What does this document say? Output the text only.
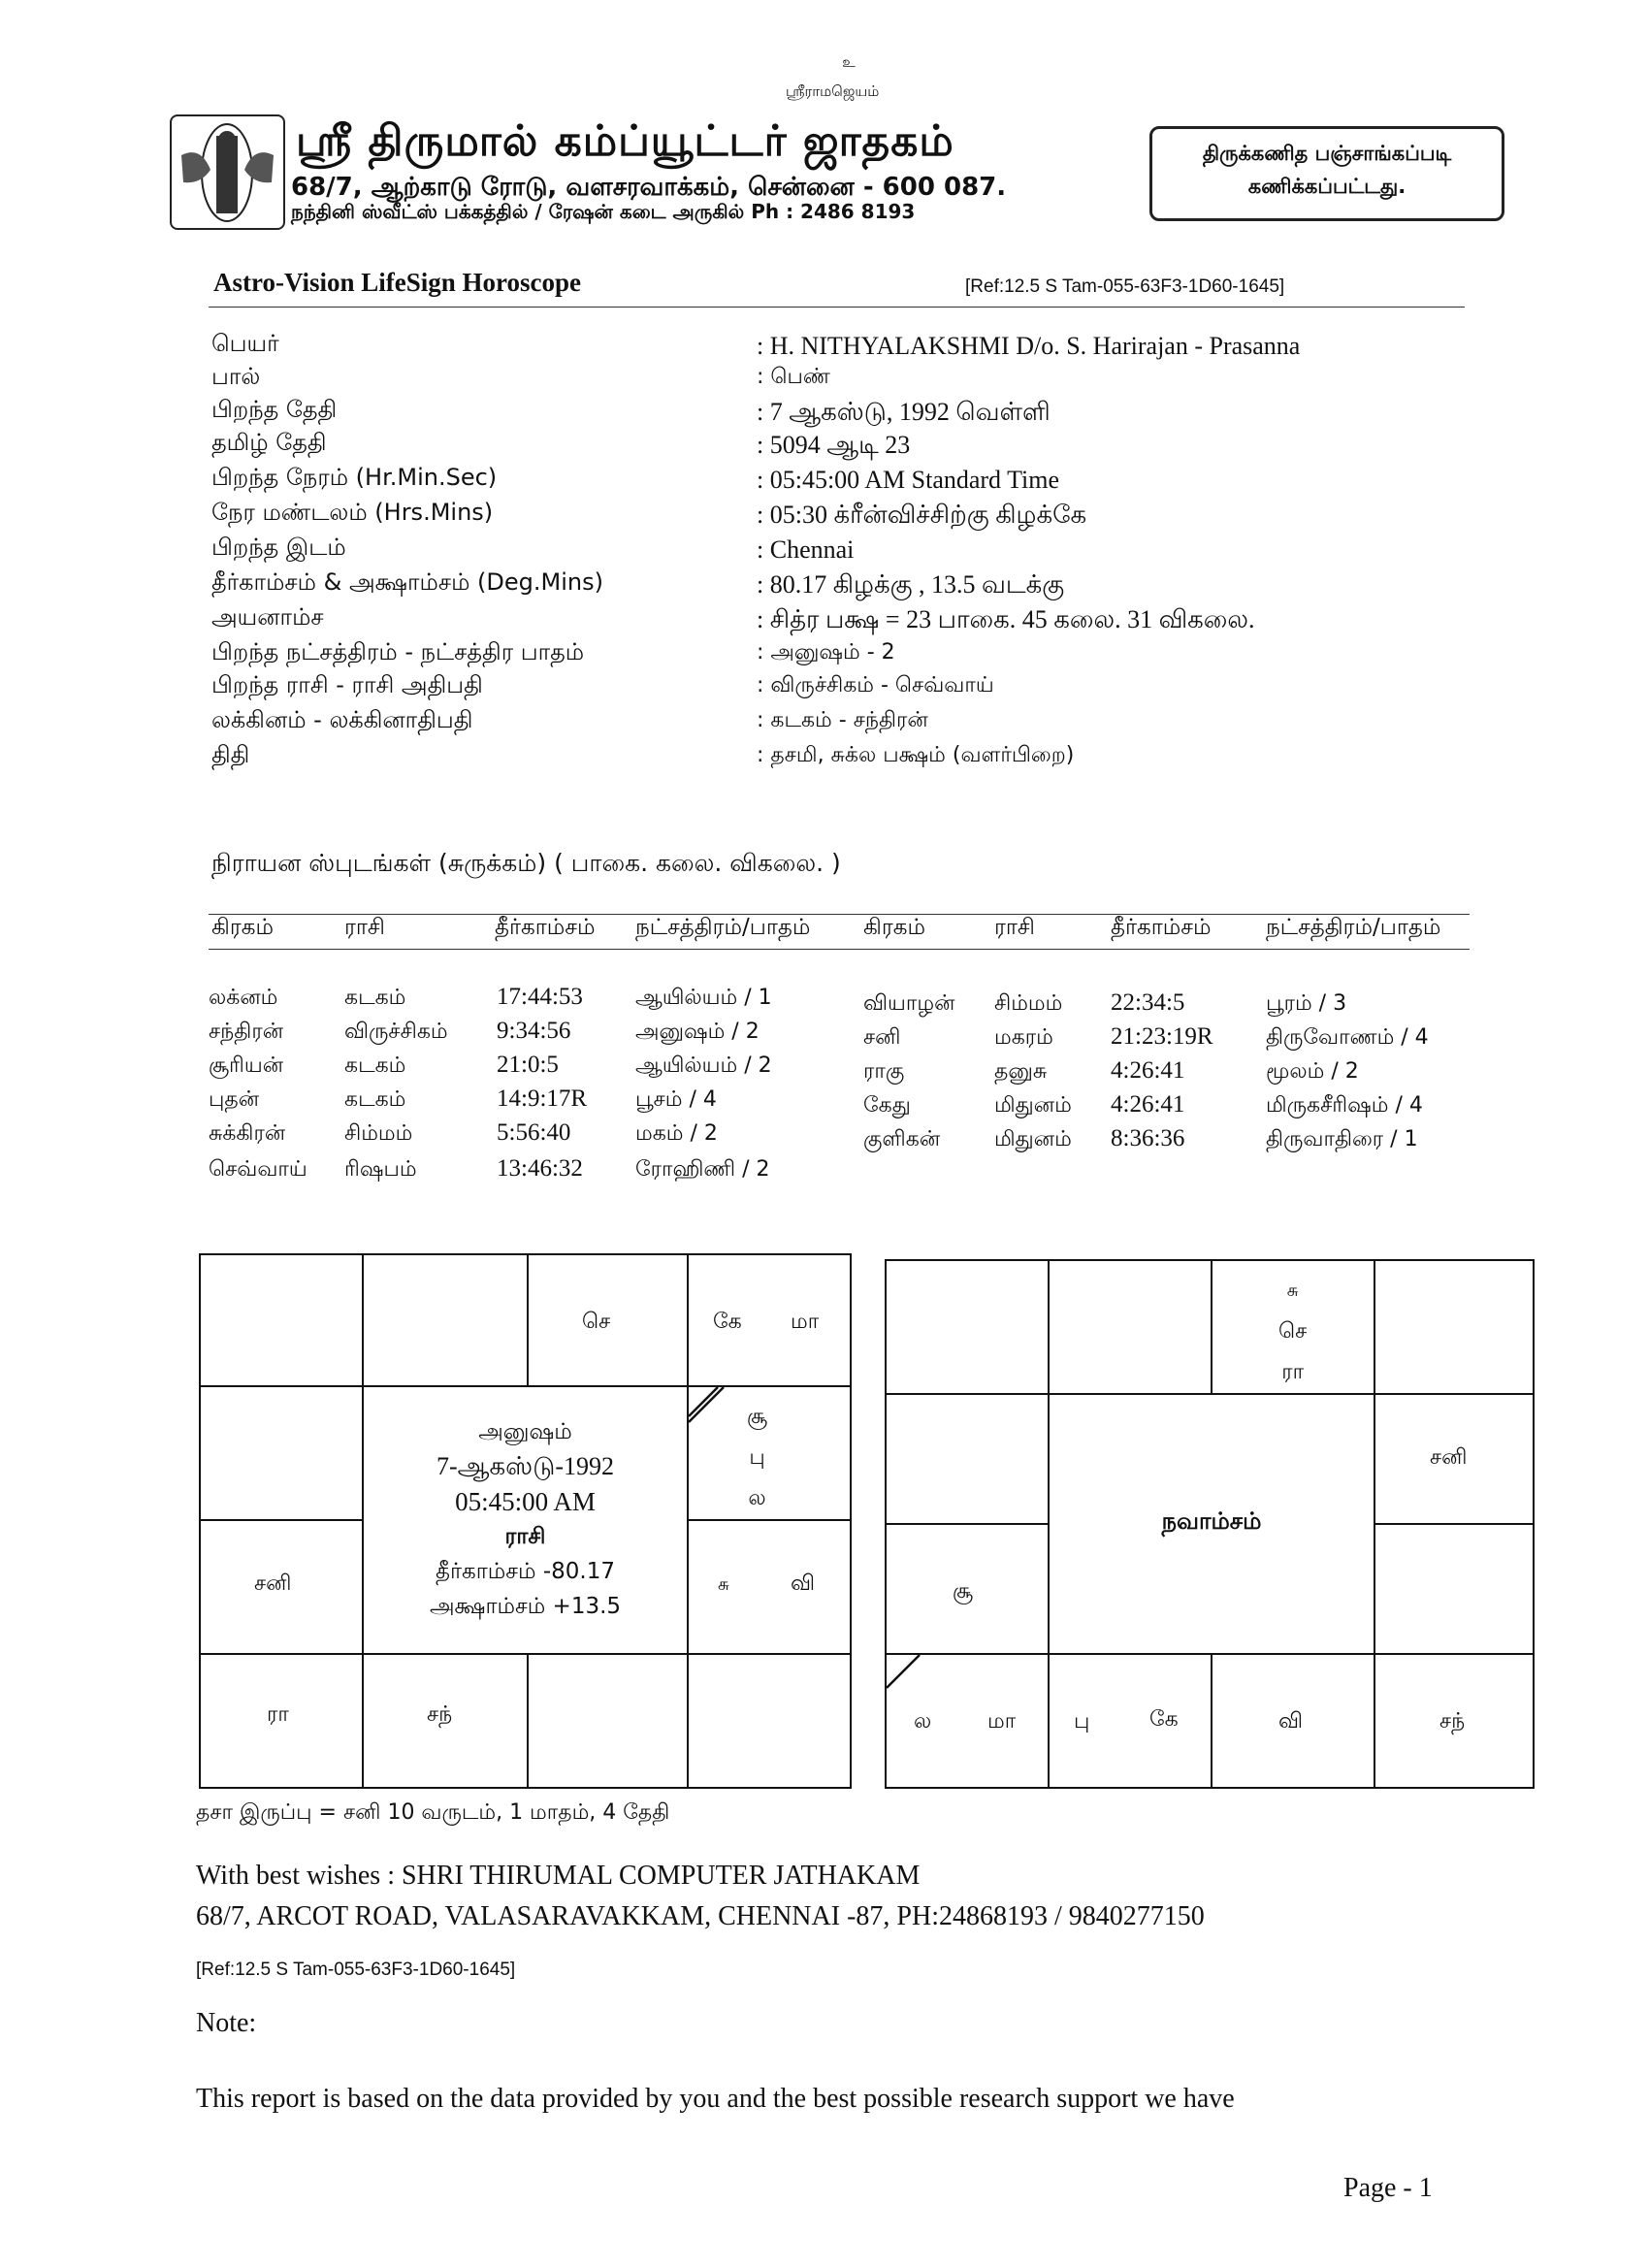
உ
ஸ்ரீராமஜெயம்
ஸ்ரீ திருமால் கம்ப்யூட்டர் ஜாதகம்
68/7, ஆற்காடு ரோடு, வளசரவாக்கம், சென்னை - 600 087.
நந்தினி ஸ்வீட்ஸ் பக்கத்தில் / ரேஷன் கடை அருகில் Ph : 2486 8193
திருக்கணித பஞ்சாங்கப்படி
கணிக்கப்பட்டது.
Astro-Vision LifeSign Horoscope	[Ref:12.5 S Tam-055-63F3-1D60-1645]
பெயர்	: H. NITHYALAKSHMI D/o. S. Harirajan - Prasanna
பால்	: பெண்
பிறந்த தேதி	: 7 ஆகஸ்டு, 1992 வெள்ளி
தமிழ் தேதி	: 5094 ஆடி 23
பிறந்த நேரம் (Hr.Min.Sec)	: 05:45:00 AM Standard Time
நேர மண்டலம் (Hrs.Mins)	: 05:30 க்ரீன்விச்சிற்கு கிழக்கே
பிறந்த இடம்	: Chennai
தீர்காம்சம் & அக்ஷாம்சம் (Deg.Mins)	: 80.17 கிழக்கு , 13.5 வடக்கு
அயனாம்ச	: சித்ர பக்ஷ = 23 பாகை. 45 கலை. 31 விகலை.
பிறந்த நட்சத்திரம் - நட்சத்திர பாதம்	: அனுஷம் - 2
பிறந்த ராசி - ராசி அதிபதி	: விருச்சிகம் - செவ்வாய்
லக்கினம் - லக்கினாதிபதி	: கடகம் - சந்திரன்
திதி	: தசமி, சுக்ல பக்ஷம் (வளர்பிறை)
நிராயன ஸ்புடங்கள் (சுருக்கம்) ( பாகை. கலை. விகலை. )
கிரகம்	ராசி	தீர்காம்சம் நட்சத்திரம்/பாதம் கிரகம்	ராசி	தீர்காம்சம் நட்சத்திரம்/பாதம்
லக்னம்	கடகம்	17:44:53 ஆயில்யம் / 1
சந்திரன்	விருச்சிகம் 9:34:56	அனுஷம் / 2
சூரியன்	கடகம்	21:0:5	ஆயில்யம் / 2
புதன்	கடகம்	14:9:17R பூசம் / 4
சுக்கிரன்	சிம்மம்	5:56:40	மகம் / 2
செவ்வாய் ரிஷபம்	13:46:32 ரோஹிணி / 2
வியாழன் சிம்மம் 22:34:5	பூரம் / 3
சனி	மகரம் 21:23:19R திருவோணம் / 4
ராகு	தனுசு	4:26:41	மூலம் / 2
கேது	மிதுனம் 4:26:41	மிருகசீரிஷம் / 4
குளிகன்	மிதுனம் 8:36:36	திருவாதிரை / 1
அனுஷம்
7-ஆகஸ்டு-1992
05:45:00 AM
ராசி
தீர்காம்சம் -80.17
அக்ஷாம்சம் +13.5
செ	கே மா
சூ
பு
ல
சு	வி
சனி
ரா	சந்
நவாம்சம்
சு
செ
ரா
சனி
சூ
ல	மா	பு	கே	வி	சந்
தசா இருப்பு = சனி 10 வருடம், 1 மாதம், 4 தேதி
With best wishes : SHRI THIRUMAL COMPUTER JATHAKAM
68/7, ARCOT ROAD, VALASARAVAKKAM, CHENNAI -87, PH:24868193 / 9840277150
[Ref:12.5 S Tam-055-63F3-1D60-1645]
Note:
This report is based on the data provided by you and the best possible research support we have
Page - 1
